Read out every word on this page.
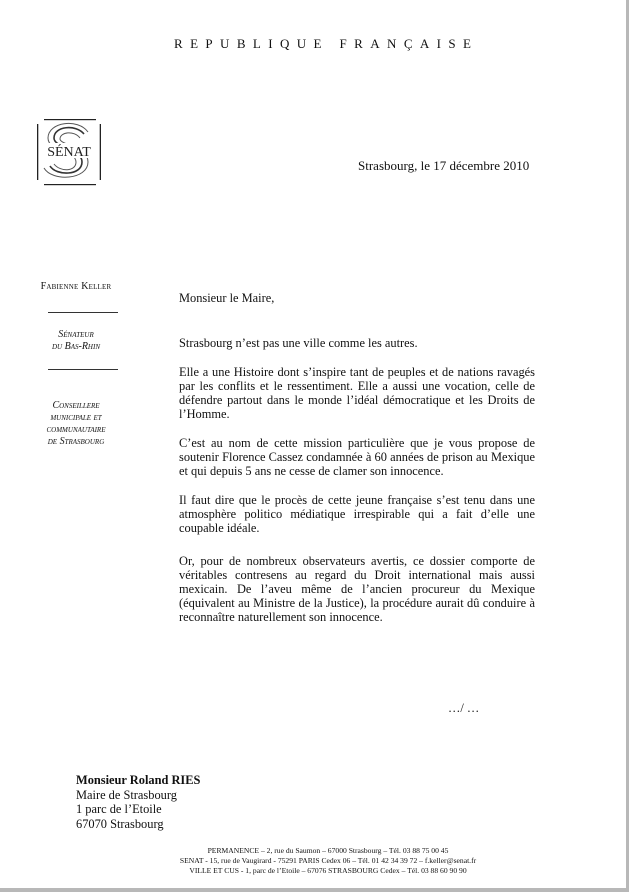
REPUBLIQUE FRANÇAISE
SÉNAT
Strasbourg, le 17 décembre 2010
Fabienne Keller
Sénateur
du Bas-Rhin
Conseillere
municipale et
communautaire
de Strasbourg
Monsieur le Maire,
Strasbourg n’est pas une ville comme les autres.
Elle a une Histoire dont s’inspire tant de peuples et de nations ravagés par les conflits et le ressentiment. Elle a aussi une vocation, celle de défendre partout dans le monde l’idéal démocratique et les Droits de l’Homme.
C’est au nom de cette mission particulière que je vous propose de soutenir Florence Cassez condamnée à 60 années de prison au Mexique et qui depuis 5 ans ne cesse de clamer son innocence.
Il faut dire que le procès de cette jeune française s’est tenu dans une atmosphère politico médiatique irrespirable qui a fait d’elle une coupable idéale.
Or, pour de nombreux observateurs avertis, ce dossier comporte de véritables contresens au regard du Droit international mais aussi mexicain. De l’aveu même de l’ancien procureur du Mexique (équivalent au Ministre de la Justice), la procédure aurait dû conduire à reconnaître naturellement son innocence.
…/ …
Monsieur Roland RIES
Maire de Strasbourg
1 parc de l’Etoile
67070 Strasbourg
PERMANENCE – 2, rue du Saumon – 67000 Strasbourg – Tél. 03 88 75 00 45
SENAT - 15, rue de Vaugirard - 75291 PARIS Cedex 06 – Tél. 01 42 34 39 72 – f.keller@senat.fr
VILLE ET CUS - 1, parc de l’Etoile – 67076 STRASBOURG Cedex – Tél. 03 88 60 90 90
